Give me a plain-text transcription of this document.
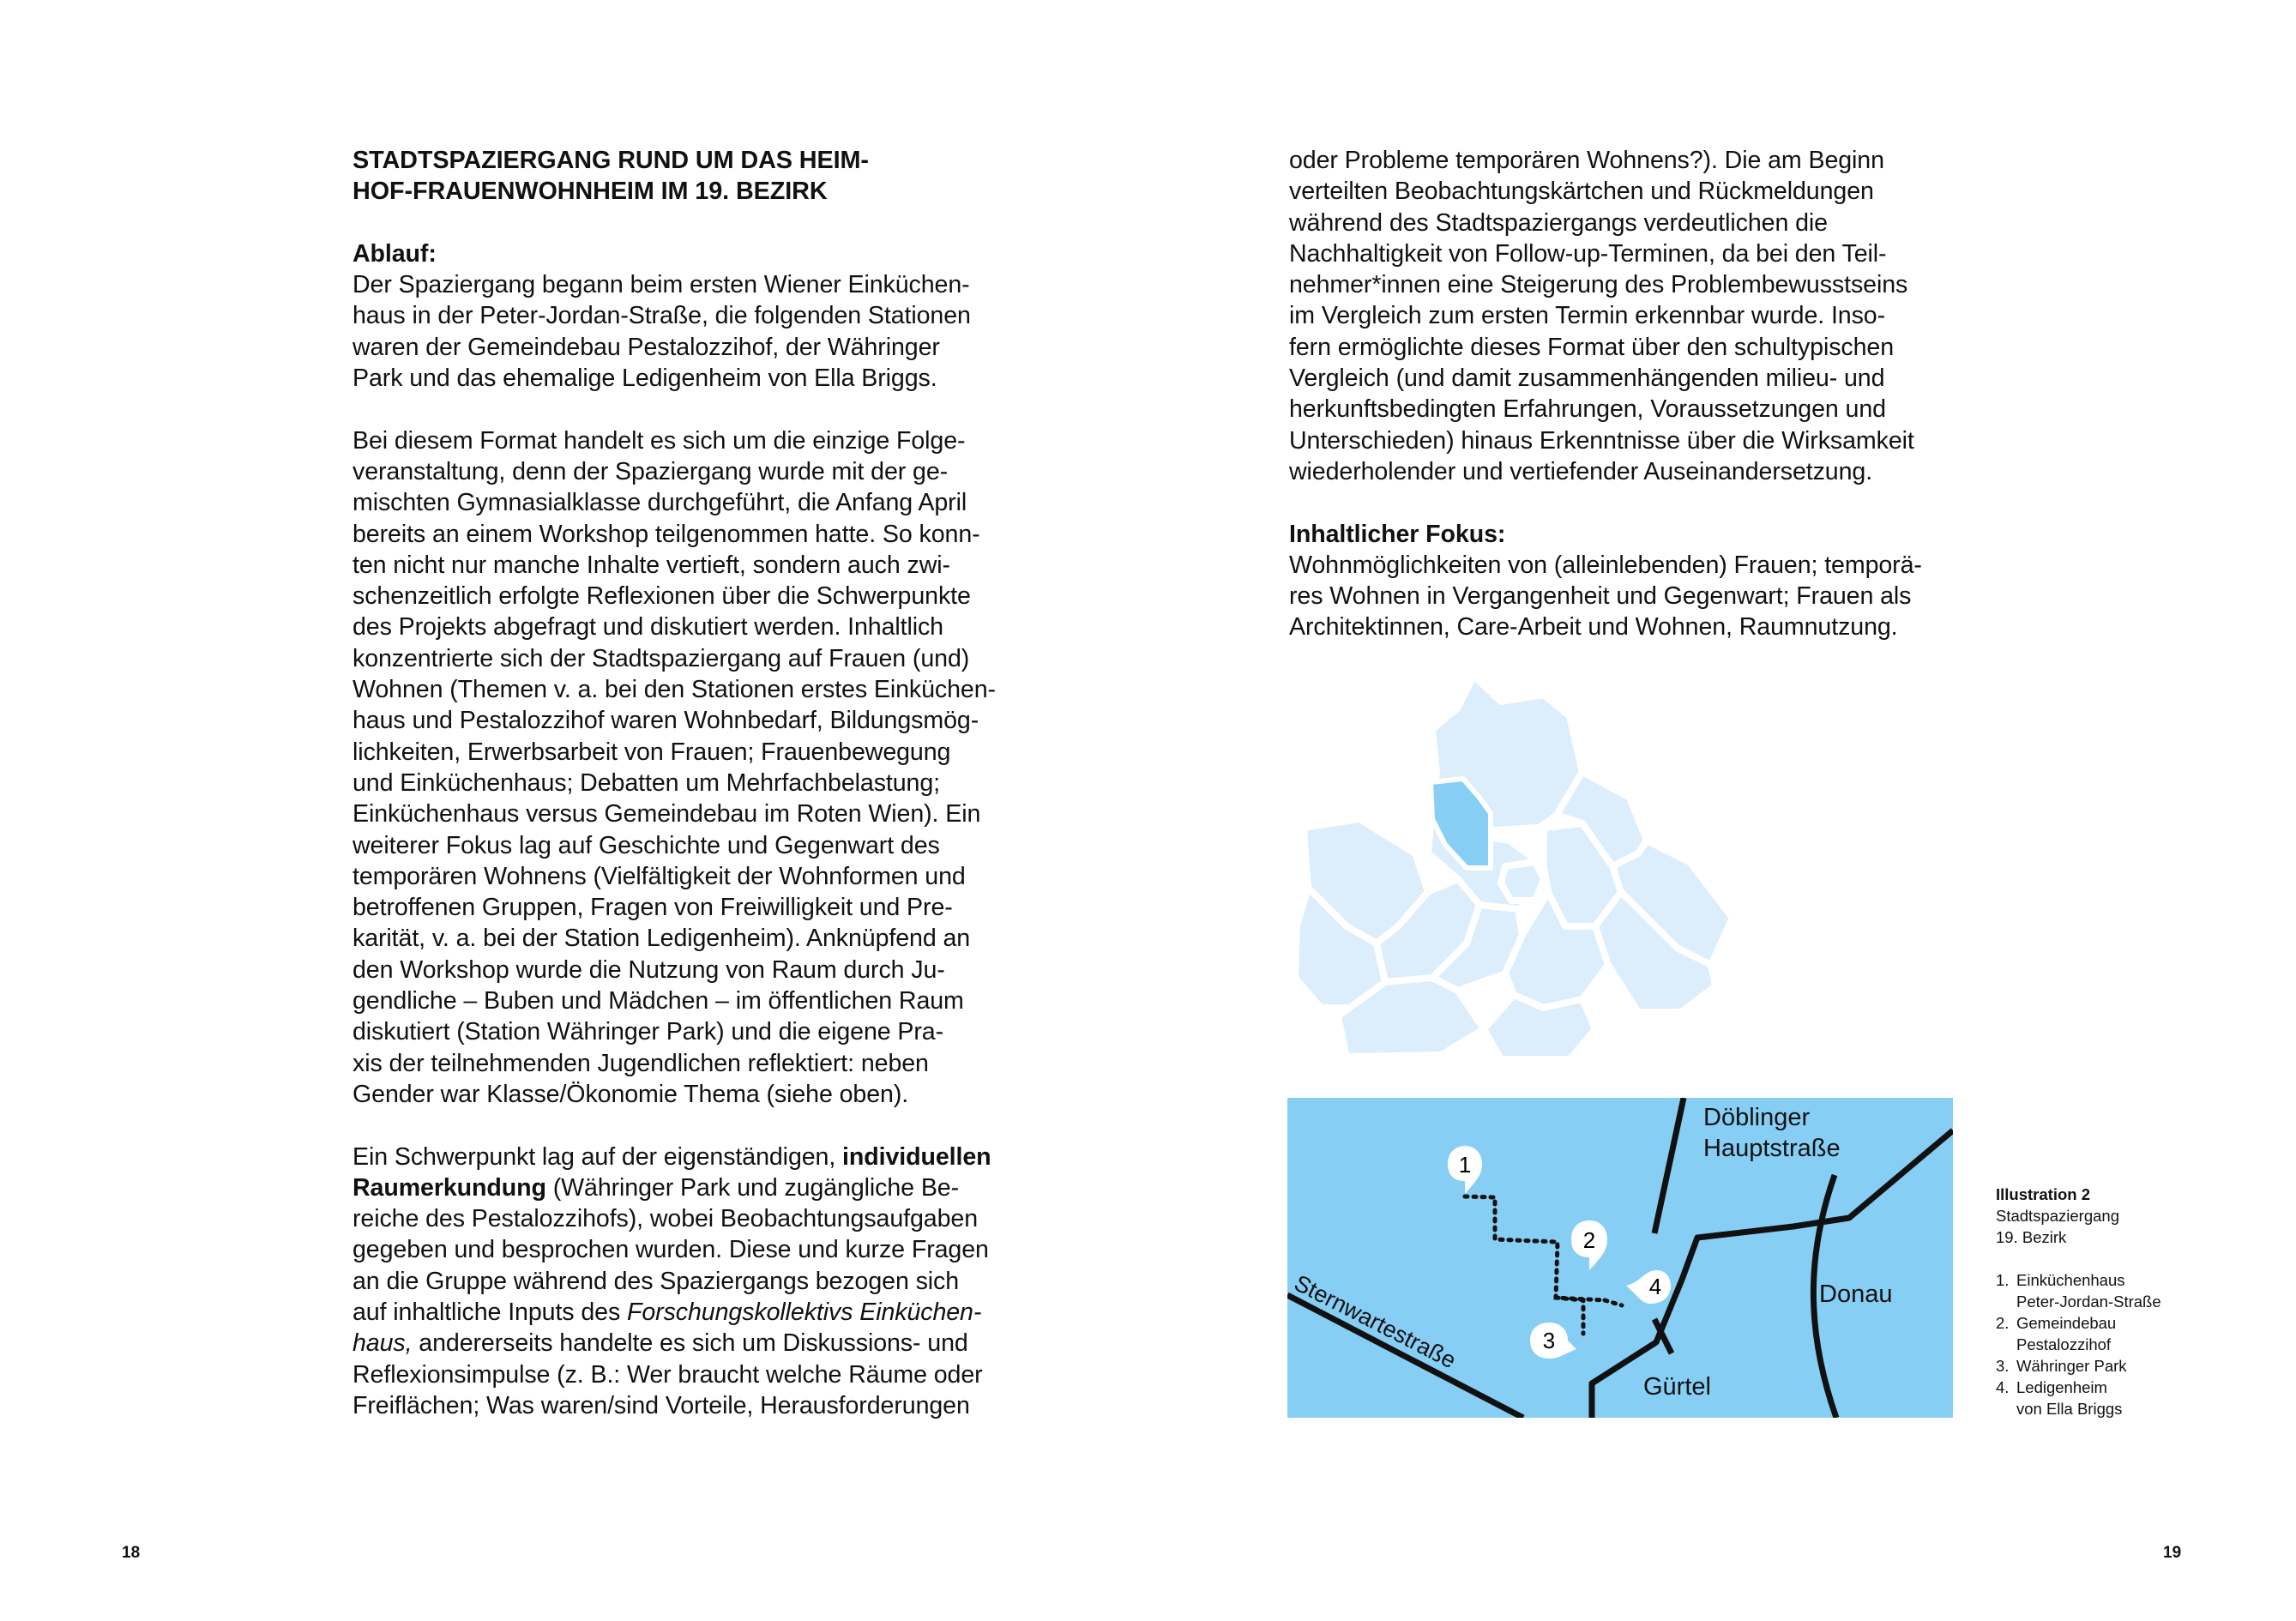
STADTSPAZIERGANG RUND UM DAS HEIM-
HOF-FRAUENWOHNHEIM IM 19. BEZIRK
Ablauf:

Der Spaziergang begann beim ersten Wiener Einküchen-
haus in der Peter-Jordan-Straße, die folgenden Stationen
waren der Gemeindebau Pestalozzihof, der Währinger
Park und das ehemalige Ledigenheim von Ella Briggs.

Bei diesem Format handelt es sich um die einzige Folge-
veranstaltung, denn der Spaziergang wurde mit der ge-
mischten Gymnasialklasse durchgeführt, die Anfang April
bereits an einem Workshop teilgenommen hatte. So konn-
ten nicht nur manche Inhalte vertieft, sondern auch zwi-
schenzeitlich erfolgte Reflexionen über die Schwerpunkte
des Projekts abgefragt und diskutiert werden. Inhaltlich
konzentrierte sich der Stadtspaziergang auf Frauen (und)
Wohnen (Themen v. a. bei den Stationen erstes Einküchen-
haus und Pestalozzihof waren Wohnbedarf, Bildungsmög-
lichkeiten, Erwerbsarbeit von Frauen; Frauenbewegung
und Einküchenhaus; Debatten um Mehrfachbelastung;
Einküchenhaus versus Gemeindebau im Roten Wien). Ein
weiterer Fokus lag auf Geschichte und Gegenwart des
temporären Wohnens (Vielfältigkeit der Wohnformen und
betroffenen Gruppen, Fragen von Freiwilligkeit und Pre-
karität, v. a. bei der Station Ledigenheim). Anknüpfend an
den Workshop wurde die Nutzung von Raum durch Ju-
gendliche – Buben und Mädchen – im öffentlichen Raum
diskutiert (Station Währinger Park) und die eigene Pra-
xis der teilnehmenden Jugendlichen reflektiert: neben
Gender war Klasse/Ökonomie Thema (siehe oben).

Ein Schwerpunkt lag auf der eigenständigen, individuellen
Raumerkundung (Währinger Park und zugängliche Be-
reiche des Pestalozzihofs), wobei Beobachtungsaufgaben
gegeben und besprochen wurden. Diese und kurze Fragen
an die Gruppe während des Spaziergangs bezogen sich
auf inhaltliche Inputs des Forschungskollektivs Einküchen-
haus, andererseits handelte es sich um Diskussions- und
Reflexionsimpulse (z. B.: Wer braucht welche Räume oder
Freiflächen; Was waren/sind Vorteile, Herausforderungen

18

oder Probleme temporären Wohnens?). Die am Beginn
verteilten Beobachtungskärtchen und Rückmeldungen
während des Stadtspaziergangs verdeutlichen die
Nachhaltigkeit von Follow-up-Terminen, da bei den Teil-
nehmer*innen eine Steigerung des Problembewusstseins
im Vergleich zum ersten Termin erkennbar wurde. Inso-
fern ermöglichte dieses Format über den schultypischen
Vergleich (und damit zusammenhängenden milieu- und
herkunftsbedingten Erfahrungen, Voraussetzungen und
Unterschieden) hinaus Erkenntnisse über die Wirksamkeit
wiederholender und vertiefender Auseinandersetzung.

Inhaltlicher Fokus:

Wohnmöglichkeiten von (alleinlebenden) Frauen; temporä-
res Wohnen in Vergangenheit und Gegenwart; Frauen als
Architektinnen, Care-Arbeit und Wohnen, Raumnutzung.

1
2
3
4
Döblinger
Hauptstraße
Donau
Gürtel
Sternwartestraße
Illustration 2
Stadtspaziergang
19. Bezirk
1. Einküchenhaus
Peter-Jordan-Straße
2. Gemeindebau
Pestalozzihof
3. Währinger Park
4. Ledigenheim
von Ella Briggs
19
